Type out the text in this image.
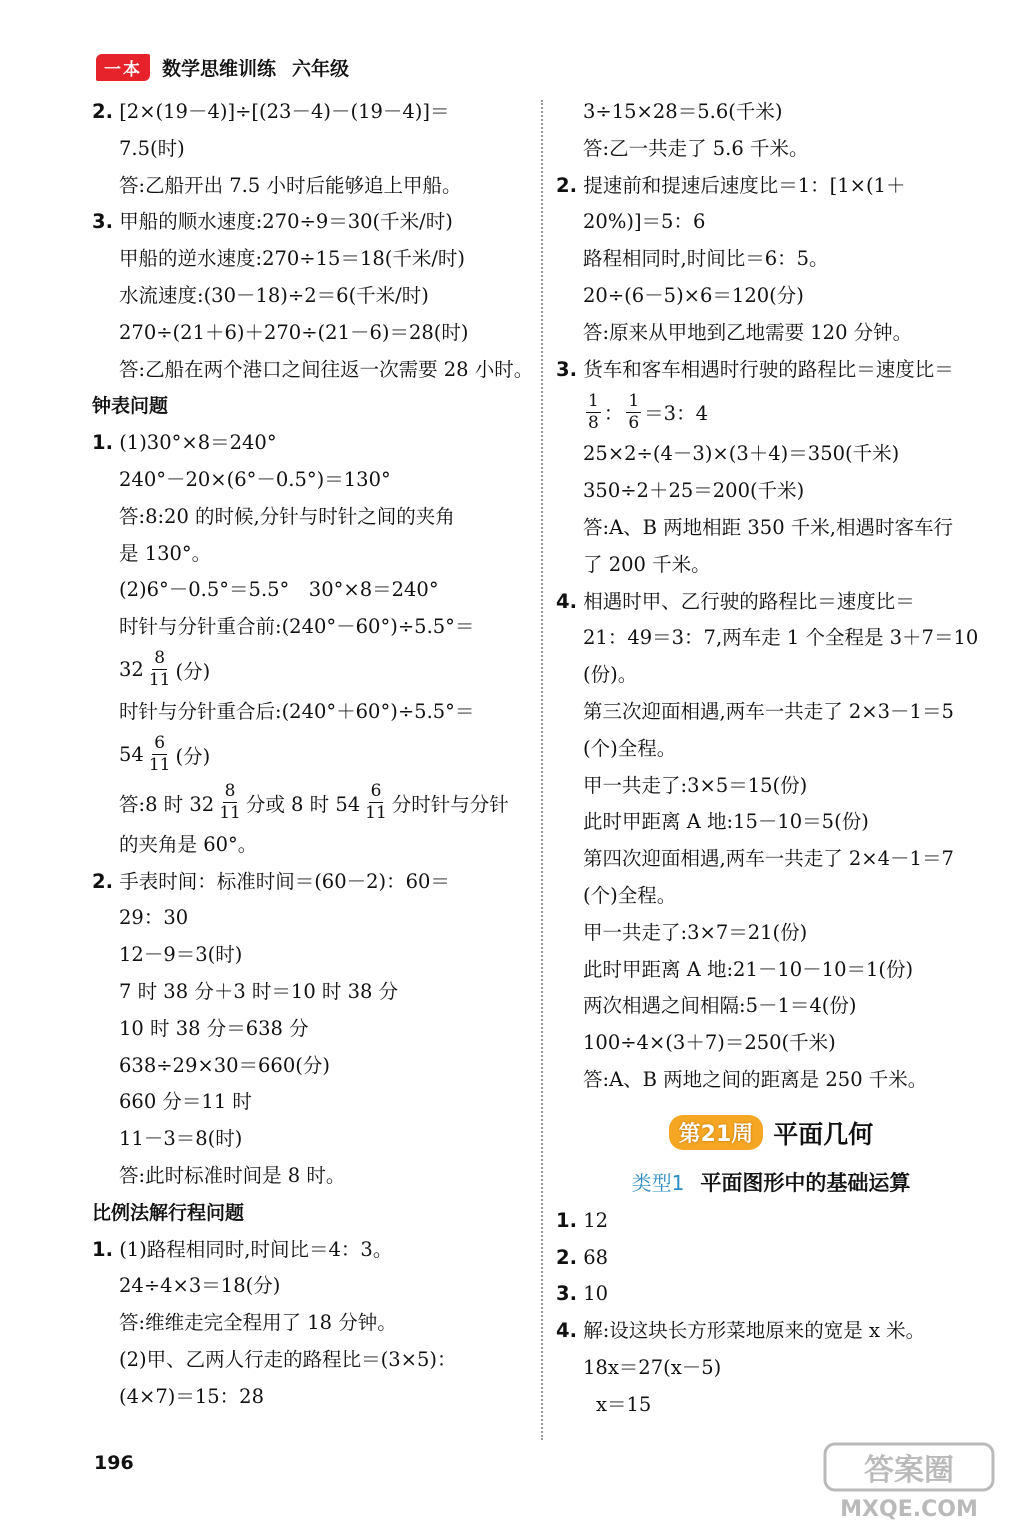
一本	数学思维训练 六年级
2. [2×(19－4)]÷[(23－4)－(19－4)]＝
7.5(时)
答:乙船开出 7.5 小时后能够追上甲船。
3. 甲船的顺水速度:270÷9＝30(千米/时)
甲船的逆水速度:270÷15＝18(千米/时)
水流速度:(30－18)÷2＝6(千米/时)
270÷(21＋6)＋270÷(21－6)＝28(时)
答:乙船在两个港口之间往返一次需要 28 小时。
钟表问题
1. (1)30°×8＝240°
240°－20×(6°－0.5°)＝130°
答:8:20 的时候,分针与时针之间的夹角
是 130°。
(2)6°－0.5°＝5.5°　30°×8＝240°
时针与分针重合前:(240°－60°)÷5.5°＝
$32 \frac{8}{11}$ (分)
时针与分针重合后:(240°＋60°)÷5.5°＝
$54 \frac{6}{11}$ (分)
答:8 时 $32 \frac{8}{11}$ 分或 8 时 $54 \frac{6}{11}$ 分时针与分针
的夹角是 60°。
2. 手表时间：标准时间＝(60－2)：60＝
29：30
12－9＝3(时)
7 时 38 分＋3 时＝10 时 38 分
10 时 38 分＝638 分
638÷29×30＝660(分)
660 分＝11 时
11－3＝8(时)
答:此时标准时间是 8 时。
比例法解行程问题
1. (1)路程相同时,时间比＝4：3。
24÷4×3＝18(分)
答:维维走完全程用了 18 分钟。
(2)甲、乙两人行走的路程比＝(3×5)：
(4×7)＝15：28
3÷15×28＝5.6(千米)
答:乙一共走了 5.6 千米。
2. 提速前和提速后速度比＝1：[1×(1＋
20%)]＝5：6
路程相同时,时间比＝6：5。
20÷(6－5)×6＝120(分)
答:原来从甲地到乙地需要 120 分钟。
3. 货车和客车相遇时行驶的路程比＝速度比＝
$\frac{1}{8}$ ： $\frac{1}{6} =3$：4
25×2÷(4－3)×(3＋4)＝350(千米)
350÷2＋25＝200(千米)
答:A、B 两地相距 350 千米,相遇时客车行
了 200 千米。
4. 相遇时甲、乙行驶的路程比＝速度比＝
21：49＝3：7,两车走 1 个全程是 3＋7＝10
(份)。
第三次迎面相遇,两车一共走了 2×3－1＝5
(个)全程。
甲一共走了:3×5＝15(份)
此时甲距离 A 地:15－10＝5(份)
第四次迎面相遇,两车一共走了 2×4－1＝7
(个)全程。
甲一共走了:3×7＝21(份)
此时甲距离 A 地:21－10－10＝1(份)
两次相遇之间相隔:5－1＝4(份)
100÷4×(3＋7)＝250(千米)
答:A、B 两地之间的距离是 250 千米。
第21周 平面几何
类型1 平面图形中的基础运算
1. 12
2. 68
3. 10
4. 解:设这块长方形菜地原来的宽是 x 米。
18x＝27(x－5)
x＝15
196	答案圈
MXQE.COM
